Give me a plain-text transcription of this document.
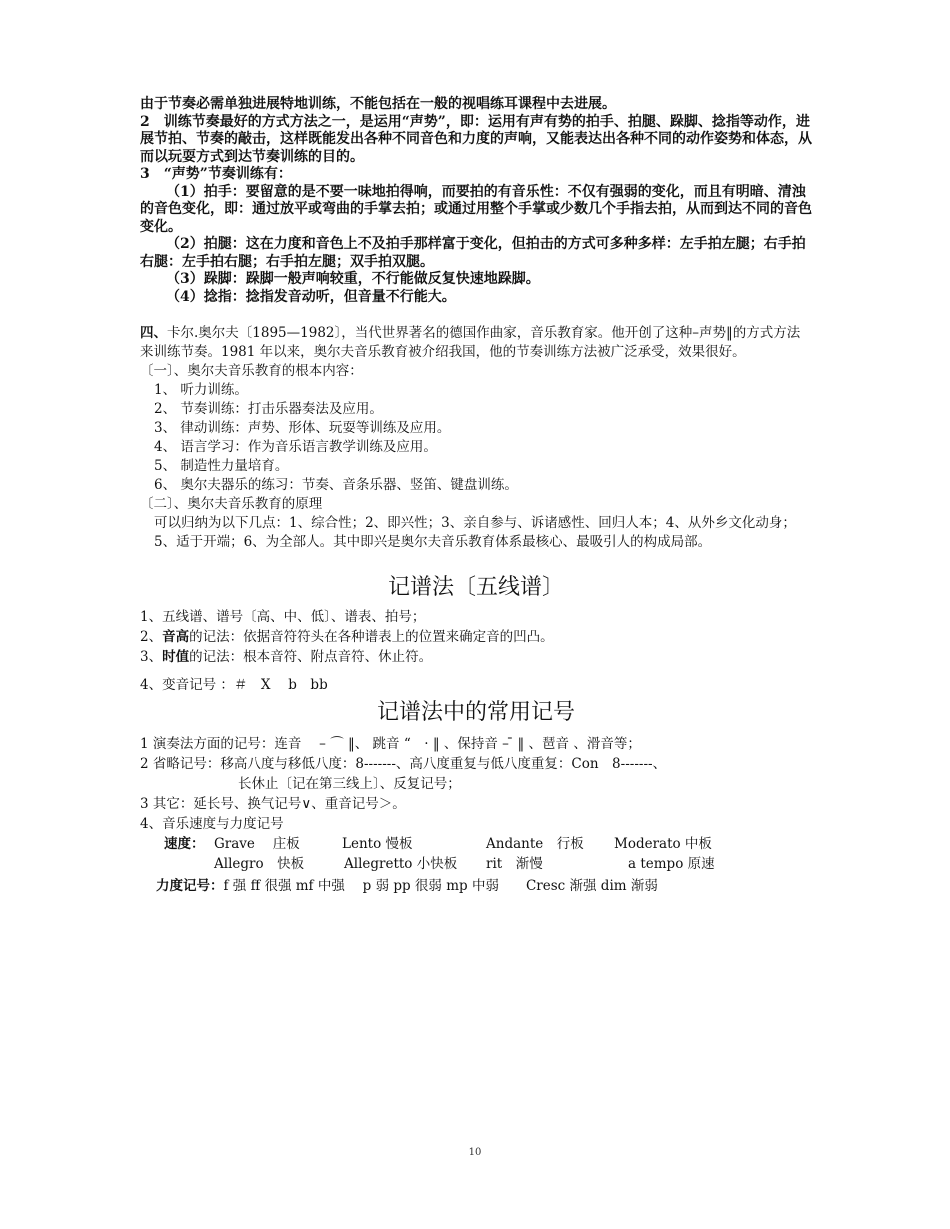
由于节奏必需单独进展特地训练，不能包括在一般的视唱练耳课程中去进展。

2　训练节奏最好的方式方法之一，是运用“声势”，即：运用有声有势的拍手、拍腿、跺脚、捻指等动作，进展节拍、节奏的敲击，这样既能发出各种不同音色和力度的声响，又能表达出各种不同的动作姿势和体态，从而以玩耍方式到达节奏训练的目的。

3　“声势”节奏训练有：

（1）拍手：要留意的是不要一味地拍得响，而要拍的有音乐性：不仅有强弱的变化，而且有明暗、清浊的音色变化，即：通过放平或弯曲的手掌去拍；或通过用整个手掌或少数几个手指去拍，从而到达不同的音色变化。

（2）拍腿：这在力度和音色上不及拍手那样富于变化，但拍击的方式可多种多样：左手拍左腿；右手拍右腿：左手拍右腿；右手拍左腿；双手拍双腿。

（3）跺脚：跺脚一般声响较重，不行能做反复快速地跺脚。

（4）捻指：捻指发音动听，但音量不行能大。

四、卡尔.奥尔夫〔1895—1982〕，当代世界著名的德国作曲家，音乐教育家。他开创了这种–声势‖的方式方法来训练节奏。1981 年以来，奥尔夫音乐教育被介绍我国，他的节奏训练方法被广泛承受，效果很好。

〔一〕、奥尔夫音乐教育的根本内容：

1、 听力训练。

2、 节奏训练：打击乐器奏法及应用。

3、 律动训练：声势、形体、玩耍等训练及应用。

4、 语言学习：作为音乐语言教学训练及应用。

5、 制造性力量培育。

6、 奥尔夫器乐的练习：节奏、音条乐器、竖笛、键盘训练。

〔二〕、奥尔夫音乐教育的原理

可以归纳为以下几点：1、综合性；2、即兴性；3、亲自参与、诉诸感性、回归人本；4、从外乡文化动身；5、适于开端；6、为全部人。其中即兴是奥尔夫音乐教育体系最核心、最吸引人的构成局部。

记谱法〔五线谱〕

1、五线谱、谱号〔高、中、低〕、谱表、拍号；

2、音高的记法：依据音符符头在各种谱表上的位置来确定音的凹凸。

3、时值的记法：根本音符、附点音符、休止符。

4、变音记号 ：＃　X　 b　bb

记谱法中的常用记号

1 演奏法方面的记号：连音　 – ⌒ ‖、 跳音 “　· ‖ 、保持音 – ̄ ‖ 、琶音 、滑音等；

2 省略记号：移高八度与移低八度：8-------、高八度重复与低八度重复：Con　8-------、

长休止〔记在第三线上〕、反复记号；

3 其它：延长号、换气记号∨、重音记号＞。

4、音乐速度与力度记号

速度： Grave　 庄板	Lento 慢板	Andante　行板 Moderato 中板
Allegro　快板	Allegretto 小快板 rit　渐慢	a tempo 原速
力度记号：f 强 ff 很强 mf 中强　 p 弱 pp 很弱 mp 中弱　　Cresc 渐强 dim 渐弱
10
